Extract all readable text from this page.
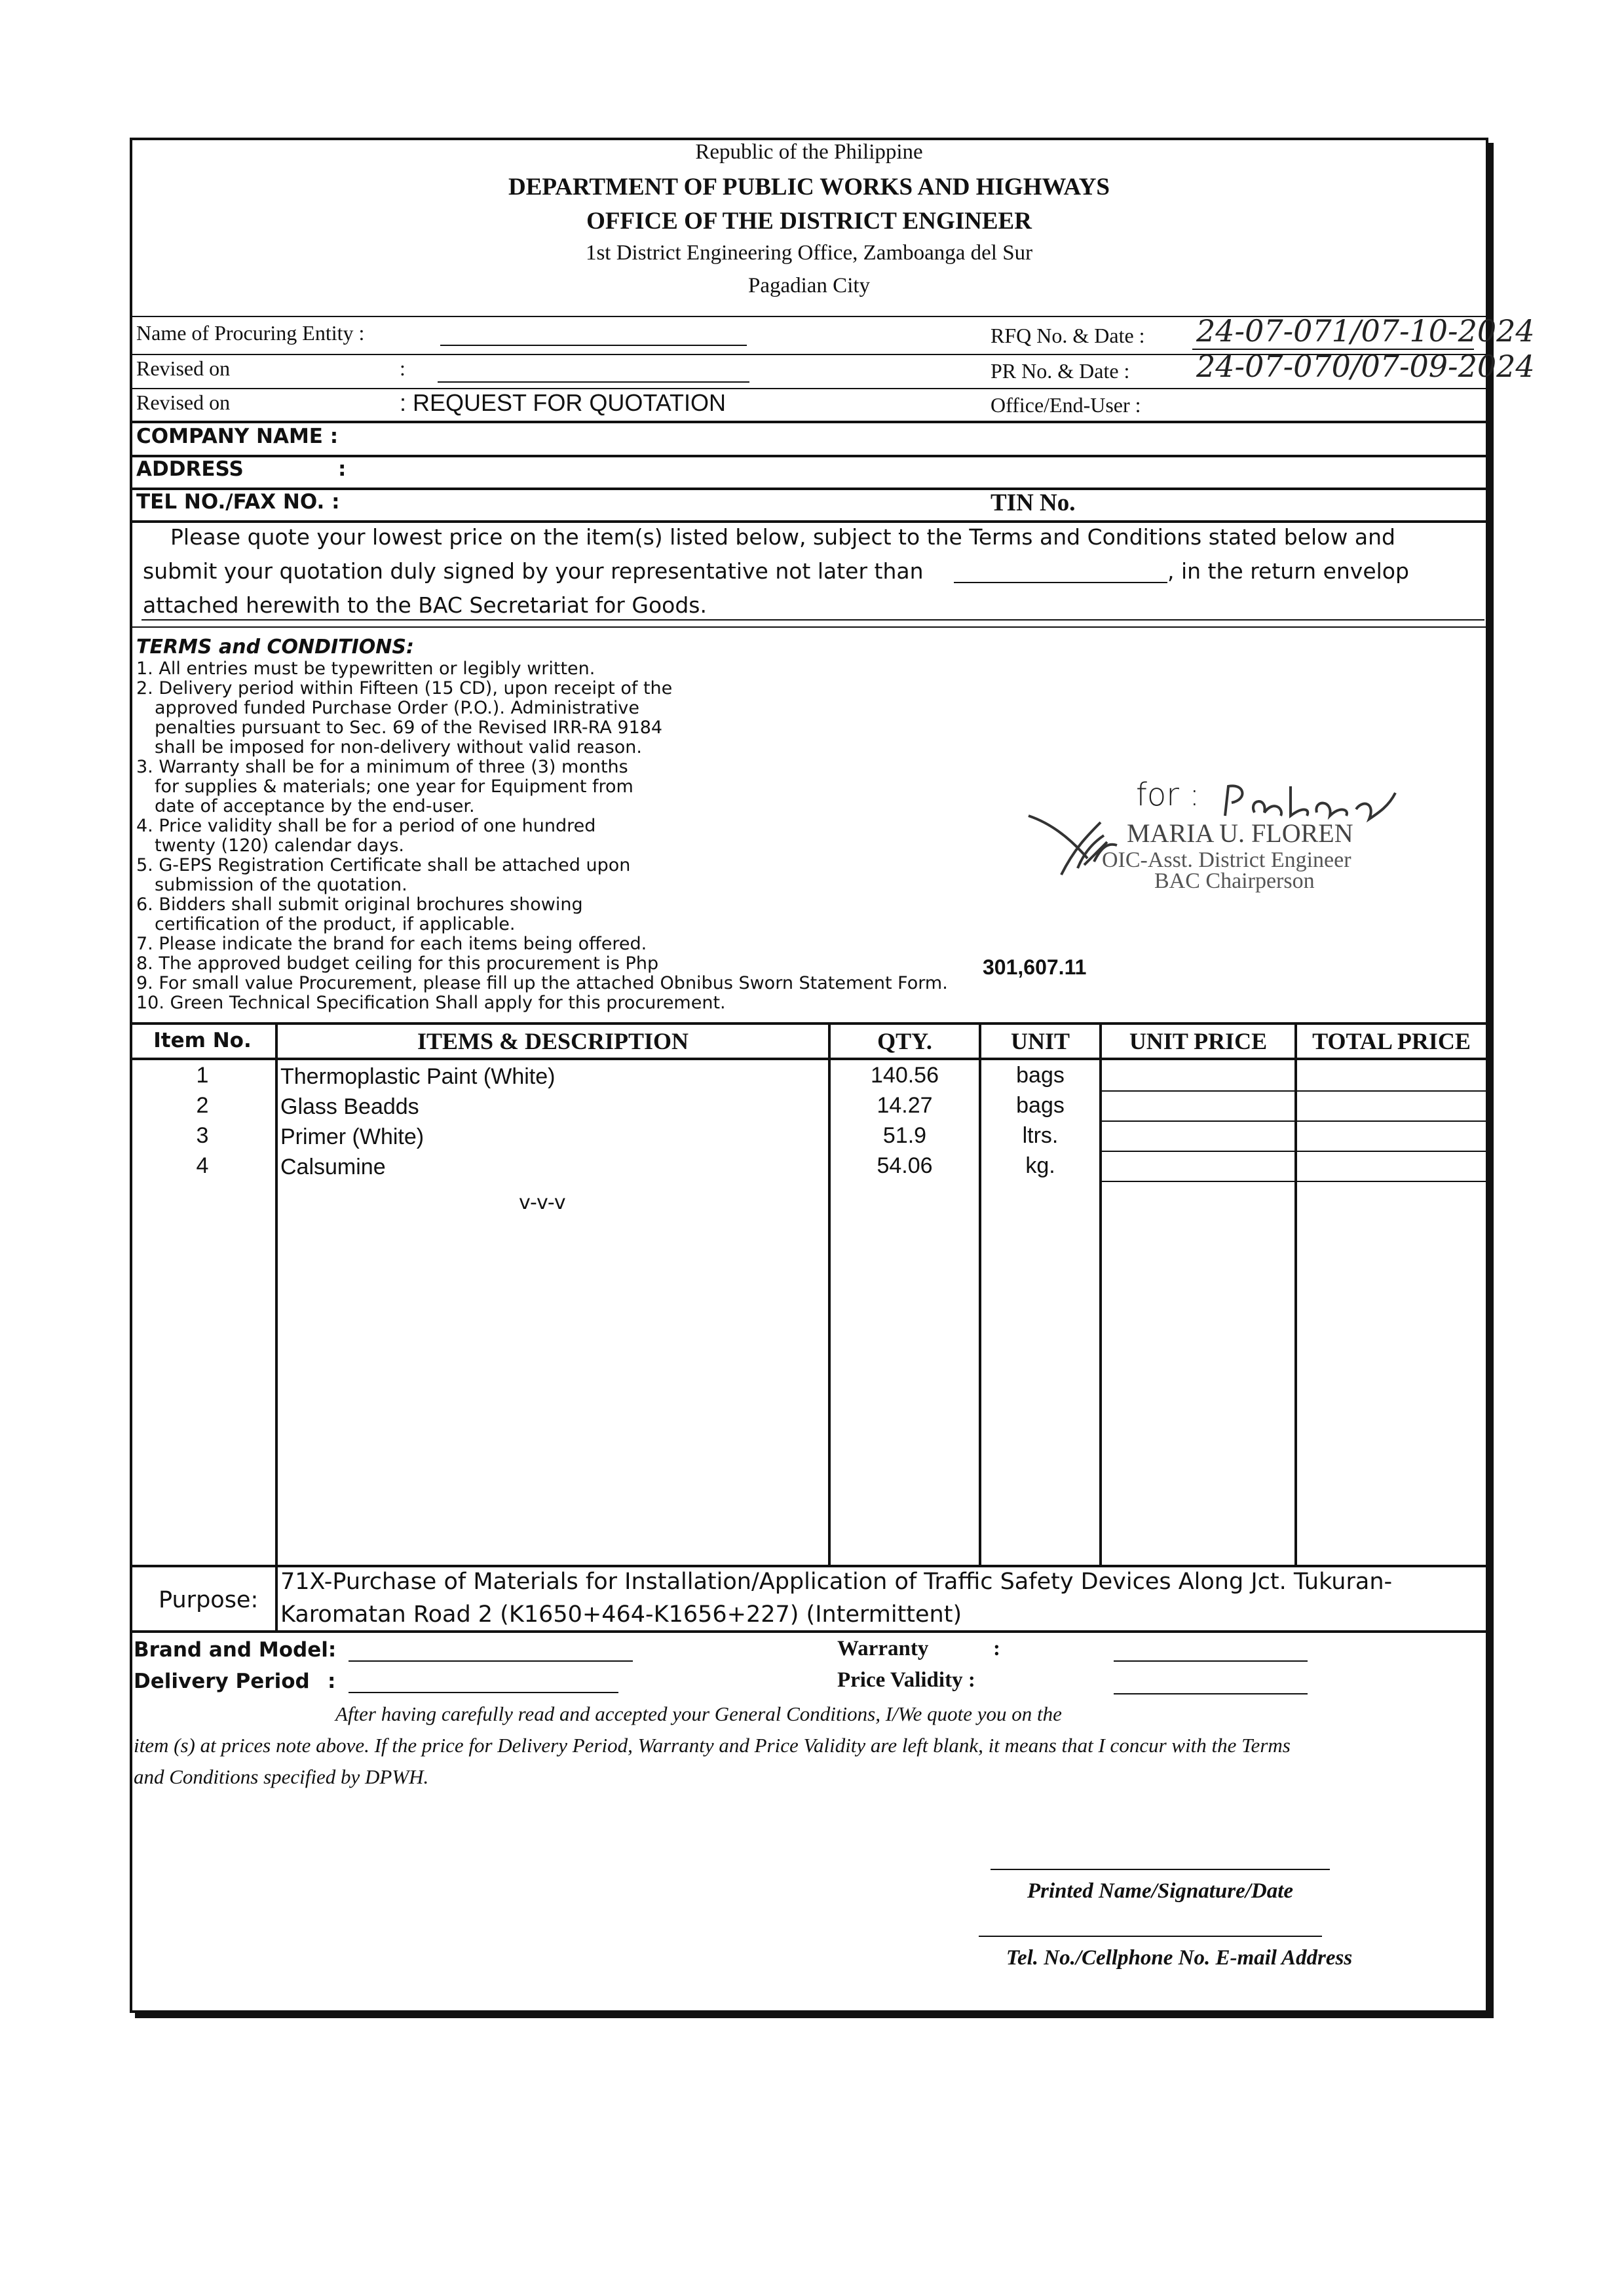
Republic of the Philippine
DEPARTMENT OF PUBLIC WORKS AND HIGHWAYS
OFFICE OF THE DISTRICT ENGINEER
1st District Engineering Office, Zamboanga del Sur
Pagadian City
Name of Procuring Entity :	RFQ No. & Date : 24-07-071/07-10-2024
Revised on	:	PR No. & Date : 24-07-070/07-09-2024
Revised on	: REQUEST FOR QUOTATION	Office/End-User :
COMPANY NAME :
ADDRESS	:
TEL NO./FAX NO. :	TIN No.
Please quote your lowest price on the item(s) listed below, subject to the Terms and Conditions stated below and
submit your quotation duly signed by your representative not later than	, in the return envelop
attached herewith to the BAC Secretariat for Goods.
TERMS and CONDITIONS:
1. All entries must be typewritten or legibly written.
2. Delivery period within Fifteen (15 CD), upon receipt of the
approved funded Purchase Order (P.O.). Administrative
penalties pursuant to Sec. 69 of the Revised IRR-RA 9184
shall be imposed for non-delivery without valid reason.
3. Warranty shall be for a minimum of three (3) months
for supplies & materials; one year for Equipment from
date of acceptance by the end-user.
4. Price validity shall be for a period of one hundred
twenty (120) calendar days.
5. G-EPS Registration Certificate shall be attached upon
submission of the quotation.
6. Bidders shall submit original brochures showing
certification of the product, if applicable.
7. Please indicate the brand for each items being offered.
8. The approved budget ceiling for this procurement is Php
9. For small value Procurement, please fill up the attached Obnibus Sworn Statement Form.
10. Green Technical Specification Shall apply for this procurement.
301,607.11
for :
MARIA U. FLOREN
OIC-Asst. District Engineer
BAC Chairperson
Item No.	ITEMS & DESCRIPTION	QTY.	UNIT	UNIT PRICE	TOTAL PRICE
1	Thermoplastic Paint (White)	140.56	bags
2	Glass Beadds	14.27	bags
3	Primer (White)	51.9	ltrs.
4	Calsumine	54.06	kg.
v-v-v
Purpose:
71X-Purchase of Materials for Installation/Application of Traffic Safety Devices Along Jct. Tukuran-
Karomatan Road 2 (K1650+464-K1656+227) (Intermittent)
Brand and Model:
Delivery Period :
Warranty	:
Price Validity :
After having carefully read and accepted your General Conditions, I/We quote you on the
item (s) at prices note above. If the price for Delivery Period, Warranty and Price Validity are left blank, it means that I concur with the Terms
and Conditions specified by DPWH.
Printed Name/Signature/Date
Tel. No./Cellphone No. E-mail Address
